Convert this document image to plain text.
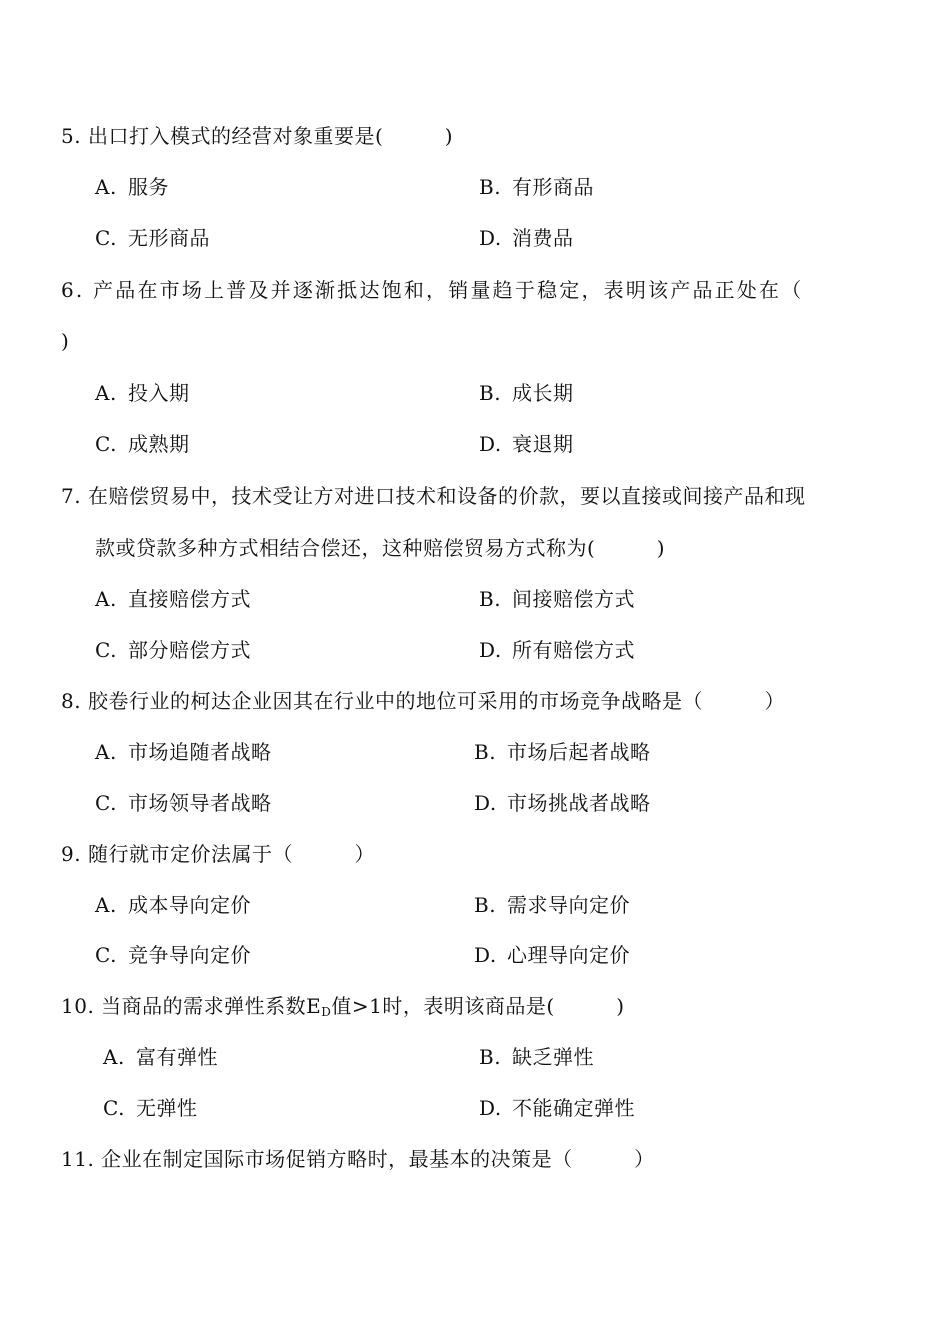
5. 出口打入模式的经营对象重要是(　　　)
A. 服务	B. 有形商品
C. 无形商品	D. 消费品
6. 产品在市场上普及并逐渐抵达饱和，销量趋于稳定，表明该产品正处在（
)
A. 投入期	B. 成长期
C. 成熟期	D. 衰退期
7. 在赔偿贸易中，技术受让方对进口技术和设备的价款，要以直接或间接产品和现
款或贷款多种方式相结合偿还，这种赔偿贸易方式称为(　　　)
A. 直接赔偿方式	B. 间接赔偿方式
C. 部分赔偿方式	D. 所有赔偿方式
8. 胶卷行业的柯达企业因其在行业中的地位可采用的市场竞争战略是（　　　）
A. 市场追随者战略	B. 市场后起者战略
C. 市场领导者战略	D. 市场挑战者战略
9. 随行就市定价法属于（　　　）
A. 成本导向定价	B. 需求导向定价
C. 竞争导向定价	D. 心理导向定价
10. 当商品的需求弹性系数$E_D$值>1时，表明该商品是(　　　)
A. 富有弹性	B. 缺乏弹性
C. 无弹性	D. 不能确定弹性
11. 企业在制定国际市场促销方略时，最基本的决策是（　　　）
